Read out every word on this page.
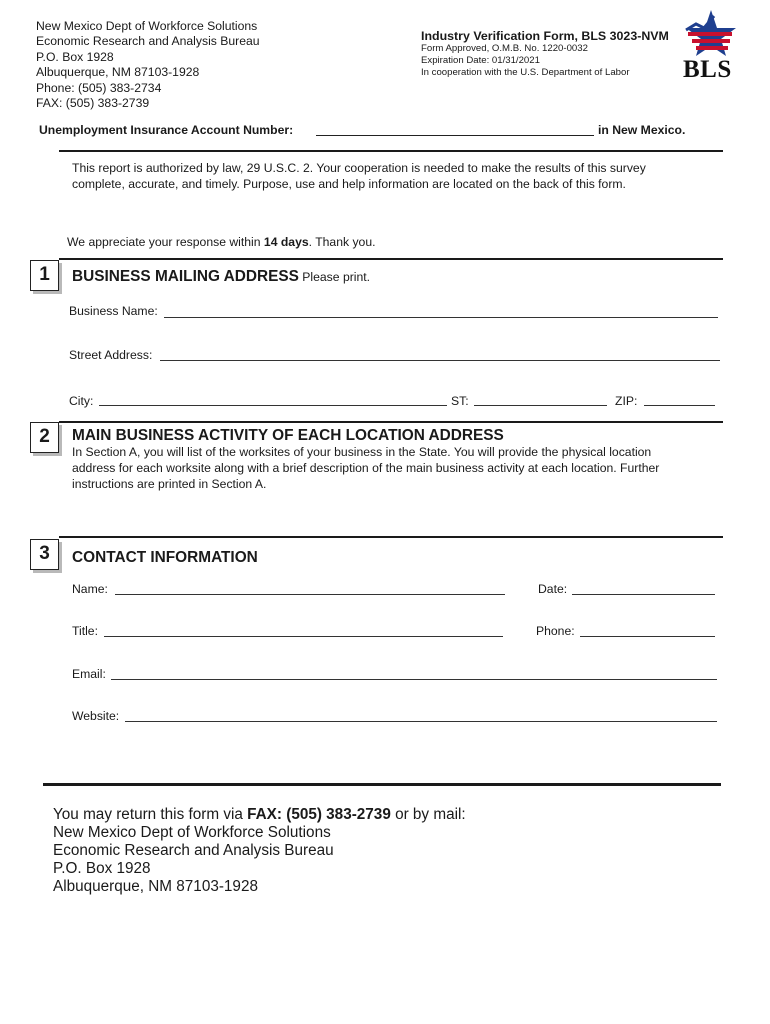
New Mexico Dept of Workforce Solutions
Economic Research and Analysis Bureau
P.O. Box 1928
Albuquerque, NM 87103-1928
Phone: (505) 383-2734
FAX: (505) 383-2739
Industry Verification Form, BLS 3023-NVM
Form Approved, O.M.B. No. 1220-0032
Expiration Date: 01/31/2021
In cooperation with the U.S. Department of Labor	BLS
Unemployment Insurance Account Number:	in New Mexico.
This report is authorized by law, 29 U.S.C. 2. Your cooperation is needed to make the results of this survey
complete, accurate, and timely. Purpose, use and help information are located on the back of this form.
We appreciate your response within 14 days. Thank you.
1	BUSINESS MAILING ADDRESS Please print.
Business Name:
Street Address:
City:	ST:	ZIP:
2	MAIN BUSINESS ACTIVITY OF EACH LOCATION ADDRESS
In Section A, you will list of the worksites of your business in the State. You will provide the physical location
address for each worksite along with a brief description of the main business activity at each location. Further
instructions are printed in Section A.
3	CONTACT INFORMATION
Name:	Date:
Title:	Phone:
Email:
Website:
You may return this form via FAX: (505) 383-2739 or by mail:
New Mexico Dept of Workforce Solutions
Economic Research and Analysis Bureau
P.O. Box 1928
Albuquerque, NM 87103-1928
